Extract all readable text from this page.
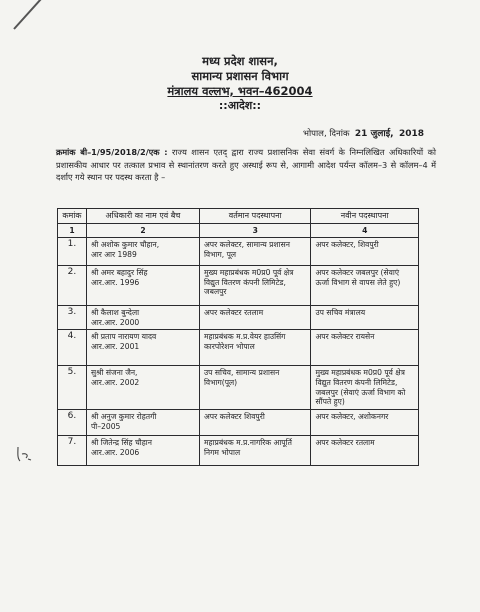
मध्य प्रदेश शासन,
सामान्य प्रशासन विभाग
मंत्रालय वल्लभ, भवन–462004
::आदेश::
भोपाल, दिनांक 21 जुलाई, 2018
क्रमांक बी–1/95/2018/2/एक : राज्य शासन एतद् द्वारा राज्य प्रशासनिक सेवा संवर्ग के निम्नलिखित अधिकारियों को प्रशासकीय आधार पर तत्काल प्रभाव से स्थानांतरण करते हुए अस्थाई रूप से, आगामी आदेश पर्यन्त कॉलम–3 से कॉलम–4 में दर्शाए गये स्थान पर पदस्थ करता है –
कमांक	अधिकारी का नाम एवं बैच	वर्तमान पदस्थापना	नवीन पदस्थापना
1	2	3	4

1.	श्री अशोक कुमार चौहान,
आर आर 1989	अपर कलेक्टर, सामान्य प्रशासन विभाग, पूल	अपर कलेक्टर, शिवपुरी

2.	श्री अमर बहादुर सिंह
आर.आर. 1996	मुख्य महाप्रबंधक म0प्र0 पूर्व क्षेत्र विद्युत वितरण कंपनी लिमिटेड, जबलपुर	अपर कलेक्टर जबलपुर (सेवाएं ऊर्जा विभाग से वापस लेते हुए)

3.	श्री कैलाश बुन्देला
आर.आर. 2000	अपर कलेक्टर रतलाम	उप सचिव मंत्रालय

4.	श्री प्रताप नारायण यादव
आर.आर. 2001	महाप्रबंधक म.प्र.वेयर हाउसिंग कारपोरेशन भोपाल	अपर कलेक्टर रायसेन

5.	सुश्री संजना जैन,
आर.आर. 2002	उप सचिव, सामान्य प्रशासन विभाग(पूल)	मुख्य महाप्रबंधक म0प्र0 पूर्व क्षेत्र विद्युत वितरण कंपनी लिमिटेड, जबलपुर (सेवाएं ऊर्जा विभाग को सौंपते हुए)

6.	श्री अनुज कुमार रोहतगी
पी–2005	अपर कलेक्टर शिवपुरी	अपर कलेक्टर, अशोकनगर

7.	श्री जितेन्द्र सिंह चौहान
आर.आर. 2006	महाप्रबंधक म.प्र.नागरिक आपूर्ति निगम भोपाल	अपर कलेक्टर रतलाम
